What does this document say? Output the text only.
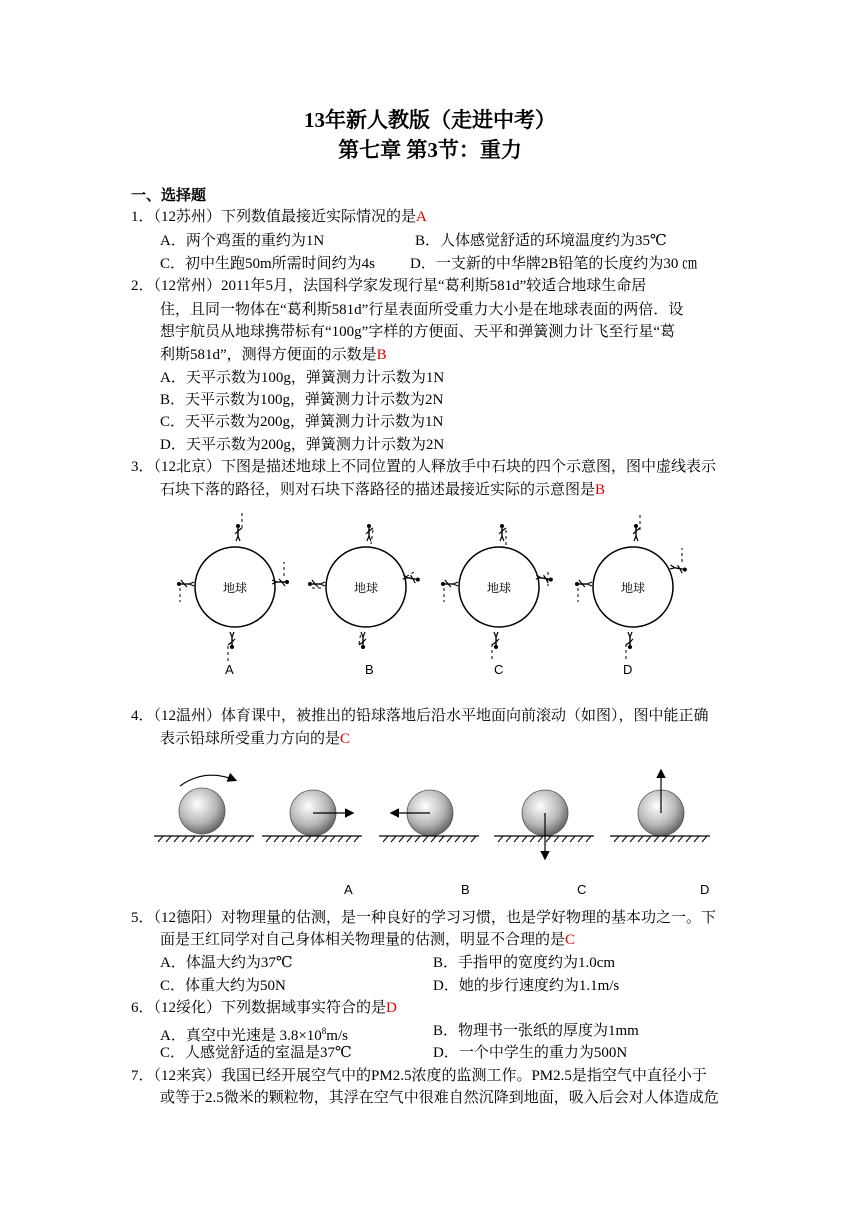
13年新人教版（走进中考）
第七章 第3节：重力
一、选择题
1．（12苏州）下列数值最接近实际情况的是A
A．两个鸡蛋的重约为1N	B．人体感觉舒适的环境温度约为35℃
C．初中生跑50m所需时间约为4s D．一支新的中华牌2B铅笔的长度约为30 ㎝
2．（12常州）2011年5月，法国科学家发现行星“葛利斯581d”较适合地球生命居
住，且同一物体在“葛利斯581d”行星表面所受重力大小是在地球表面的两倍．设
想宇航员从地球携带标有“100g”字样的方便面、天平和弹簧测力计飞至行星“葛
利斯581d”，测得方便面的示数是B
A．天平示数为100g，弹簧测力计示数为1N
B．天平示数为100g，弹簧测力计示数为2N
C．天平示数为200g，弹簧测力计示数为1N
D．天平示数为200g，弹簧测力计示数为2N
3．（12北京）下图是描述地球上不同位置的人释放手中石块的四个示意图，图中虚线表示
石块下落的路径，则对石块下落路径的描述最接近实际的示意图是B
地球	地球	地球	地球
A	B	C	D
4．（12温州）体育课中，被推出的铅球落地后沿水平地面向前滚动（如图），图中能正确
表示铅球所受重力方向的是C
A	B	C	D
5．（12德阳）对物理量的估测，是一种良好的学习习惯，也是学好物理的基本功之一。下
面是王红同学对自己身体相关物理量的估测，明显不合理的是C
A．体温大约为37℃	B．手指甲的宽度约为1.0cm
C．体重大约为50N	D．她的步行速度约为1.1m/s
6．（12绥化）下列数据域事实符合的是D
A．真空中光速是 $3.8\times 10^8m/s$	B．物理书一张纸的厚度为1mm
C．人感觉舒适的室温是37℃	D．一个中学生的重力为500N
7．（12来宾）我国已经开展空气中的PM2.5浓度的监测工作。PM2.5是指空气中直径小于
或等于2.5微米的颗粒物，其浮在空气中很难自然沉降到地面，吸入后会对人体造成危
